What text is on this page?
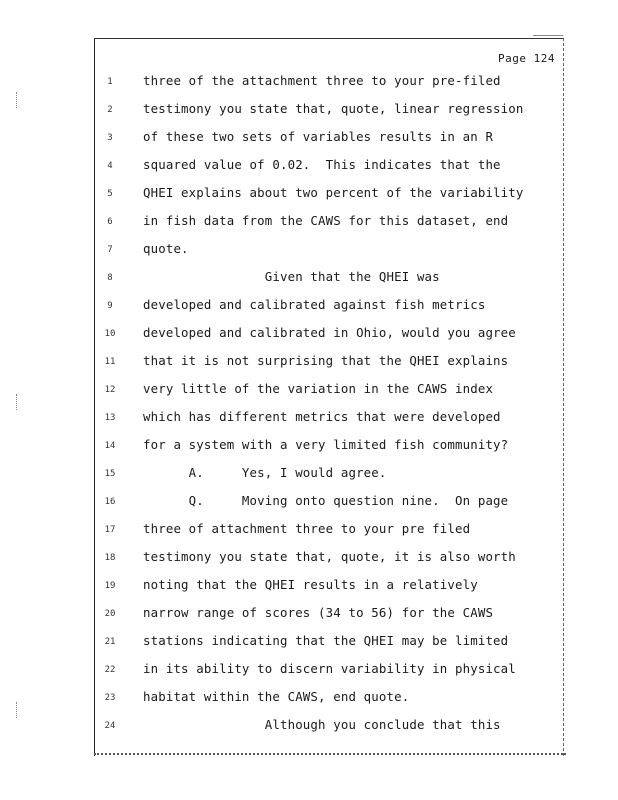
Page 124
1	three of the attachment three to your pre-filed
2	testimony you state that, quote, linear regression
3	of these two sets of variables results in an R
4	squared value of 0.02.  This indicates that the
5	QHEI explains about two percent of the variability
6	in fish data from the CAWS for this dataset, end
7	quote.
8	Given that the QHEI was
9	developed and calibrated against fish metrics
10	developed and calibrated in Ohio, would you agree
11	that it is not surprising that the QHEI explains
12	very little of the variation in the CAWS index
13	which has different metrics that were developed
14	for a system with a very limited fish community?
15	A.     Yes, I would agree.
16	Q.     Moving onto question nine.  On page
17	three of attachment three to your pre filed
18	testimony you state that, quote, it is also worth
19	noting that the QHEI results in a relatively
20	narrow range of scores (34 to 56) for the CAWS
21	stations indicating that the QHEI may be limited
22	in its ability to discern variability in physical
23	habitat within the CAWS, end quote.
24	Although you conclude that this
